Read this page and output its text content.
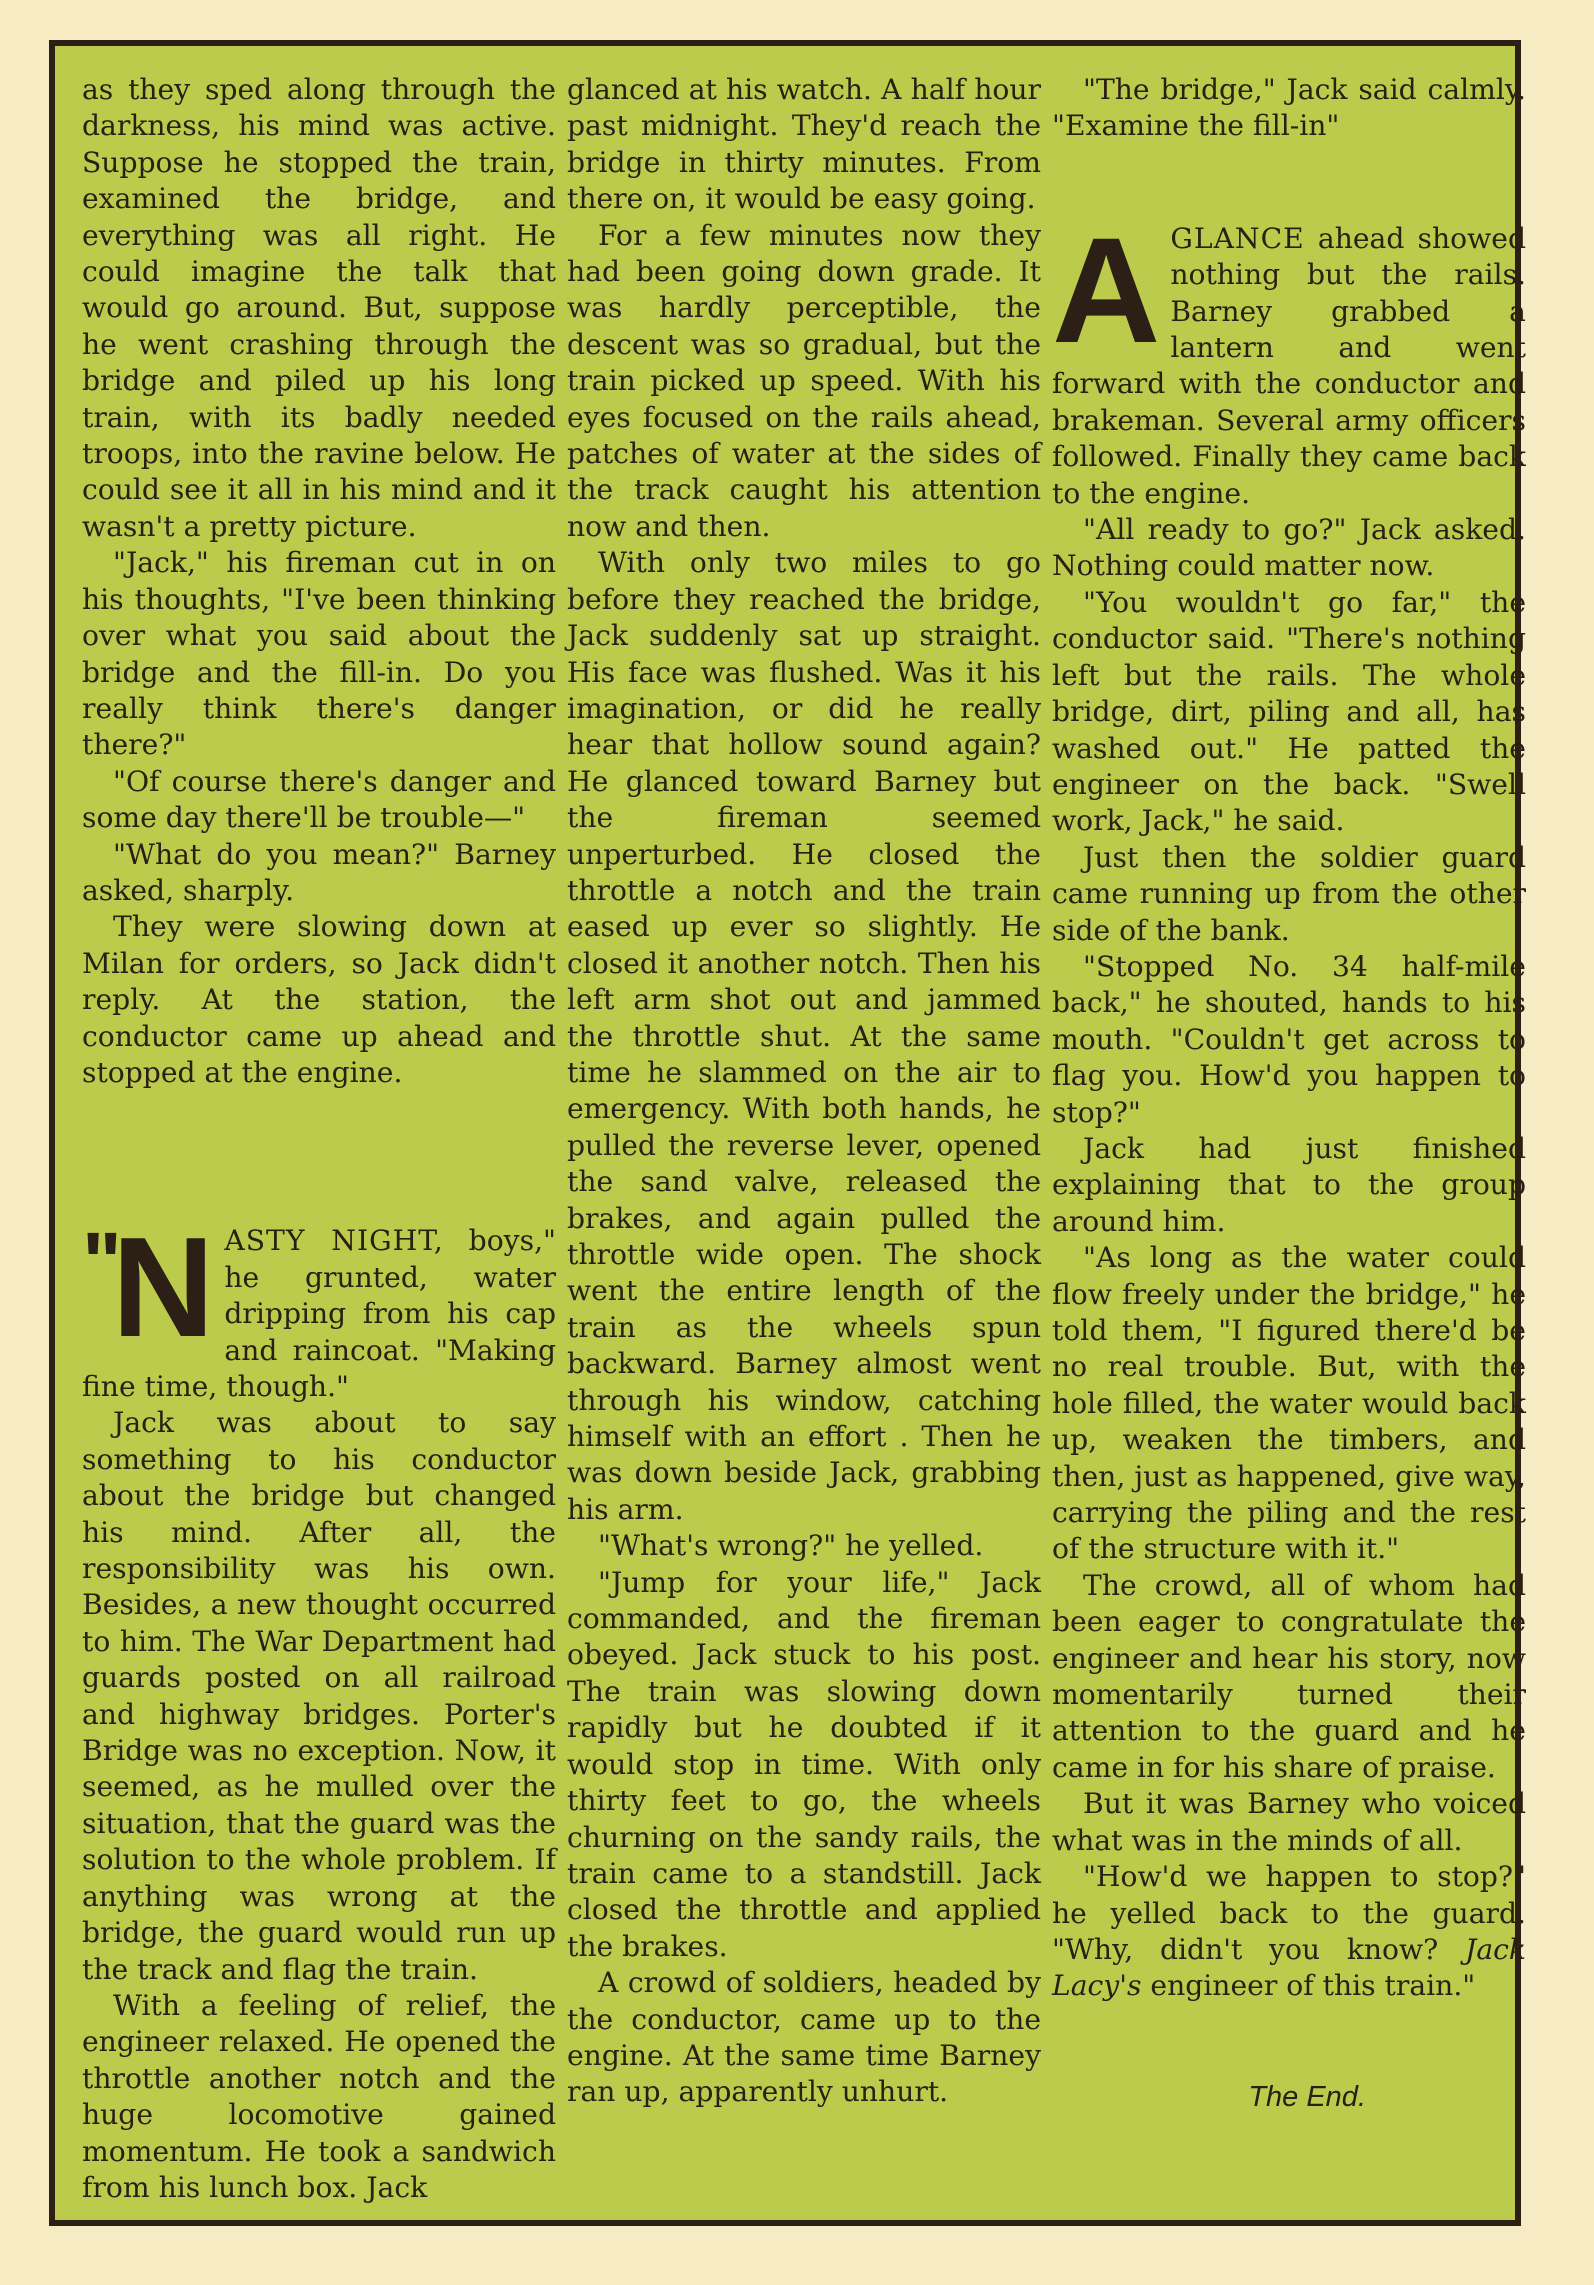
as they sped along through the darkness, his mind was active. Suppose he stopped the train, examined the bridge, and everything was all right. He could imagine the talk that would go around. But, suppose he went crashing through the bridge and piled up his long train, with its badly needed troops, into the ravine below. He could see it all in his mind and it wasn't a pretty picture.

"Jack," his fireman cut in on his thoughts, "I've been thinking over what you said about the bridge and the fill-in. Do you really think there's danger there?"

"Of course there's danger and some day there'll be trouble—"

"What do you mean?" Barney asked, sharply.

They were slowing down at Milan for orders, so Jack didn't reply. At the station, the conductor came up ahead and stopped at the engine.

"
N ASTY NIGHT, boys," he grunted, water dripping from his cap and raincoat. "Making fine time, though."

Jack was about to say something to his conductor about the bridge but changed his mind. After all, the responsibility was his own. Besides, a new thought occurred to him. The War Department had guards posted on all railroad and highway bridges. Porter's Bridge was no exception. Now, it seemed, as he mulled over the situation, that the guard was the solution to the whole problem. If anything was wrong at the bridge, the guard would run up the track and flag the train.

With a feeling of relief, the engineer relaxed. He opened the throttle another notch and the huge locomotive gained momentum. He took a sandwich from his lunch box. Jack

glanced at his watch. A half hour past midnight. They'd reach the bridge in thirty minutes. From there on, it would be easy going.

For a few minutes now they had been going down grade. It was hardly perceptible, the descent was so gradual, but the train picked up speed. With his eyes focused on the rails ahead, patches of water at the sides of the track caught his attention now and then.

With only two miles to go before they reached the bridge, Jack suddenly sat up straight. His face was flushed. Was it his imagination, or did he really hear that hollow sound again? He glanced toward Barney but the fireman seemed unperturbed. He closed the throttle a notch and the train eased up ever so slightly. He closed it another notch. Then his left arm shot out and jammed the throttle shut. At the same time he slammed on the air to emergency. With both hands, he pulled the reverse lever, opened the sand valve, released the brakes, and again pulled the throttle wide open. The shock went the entire length of the train as the wheels spun backward. Barney almost went through his window, catching himself with an effort . Then he was down beside Jack, grabbing his arm.

"What's wrong?" he yelled.

"Jump for your life," Jack commanded, and the fireman obeyed. Jack stuck to his post. The train was slowing down rapidly but he doubted if it would stop in time. With only thirty feet to go, the wheels churning on the sandy rails, the train came to a standstill. Jack closed the throttle and applied the brakes.

A crowd of soldiers, headed by the conductor, came up to the engine. At the same time Barney ran up, apparently unhurt.

"The bridge," Jack said calmly. "Examine the fill-in"

AGLANCE ahead showed nothing but the rails. Barney grabbed a lantern and went forward with the conductor and brakeman. Several army officers followed. Finally they came back to the engine.

"All ready to go?" Jack asked. Nothing could matter now.

"You wouldn't go far," the conductor said. "There's nothing left but the rails. The whole bridge, dirt, piling and all, has washed out." He patted the engineer on the back. "Swell work, Jack," he said.

Just then the soldier guard came running up from the other side of the bank.

"Stopped No. 34 half-mile back," he shouted, hands to his mouth. "Couldn't get across to flag you. How'd you happen to stop?"

Jack had just finished explaining that to the group around him.

"As long as the water could flow freely under the bridge," he told them, "I figured there'd be no real trouble. But, with the hole filled, the water would back up, weaken the timbers, and then, just as happened, give way, carrying the piling and the rest of the structure with it."

The crowd, all of whom had been eager to congratulate the engineer and hear his story, now momentarily turned their attention to the guard and he came in for his share of praise.

But it was Barney who voiced what was in the minds of all.

"How'd we happen to stop?" he yelled back to the guard. "Why, didn't you know? Jack Lacy's engineer of this train."

The End.
